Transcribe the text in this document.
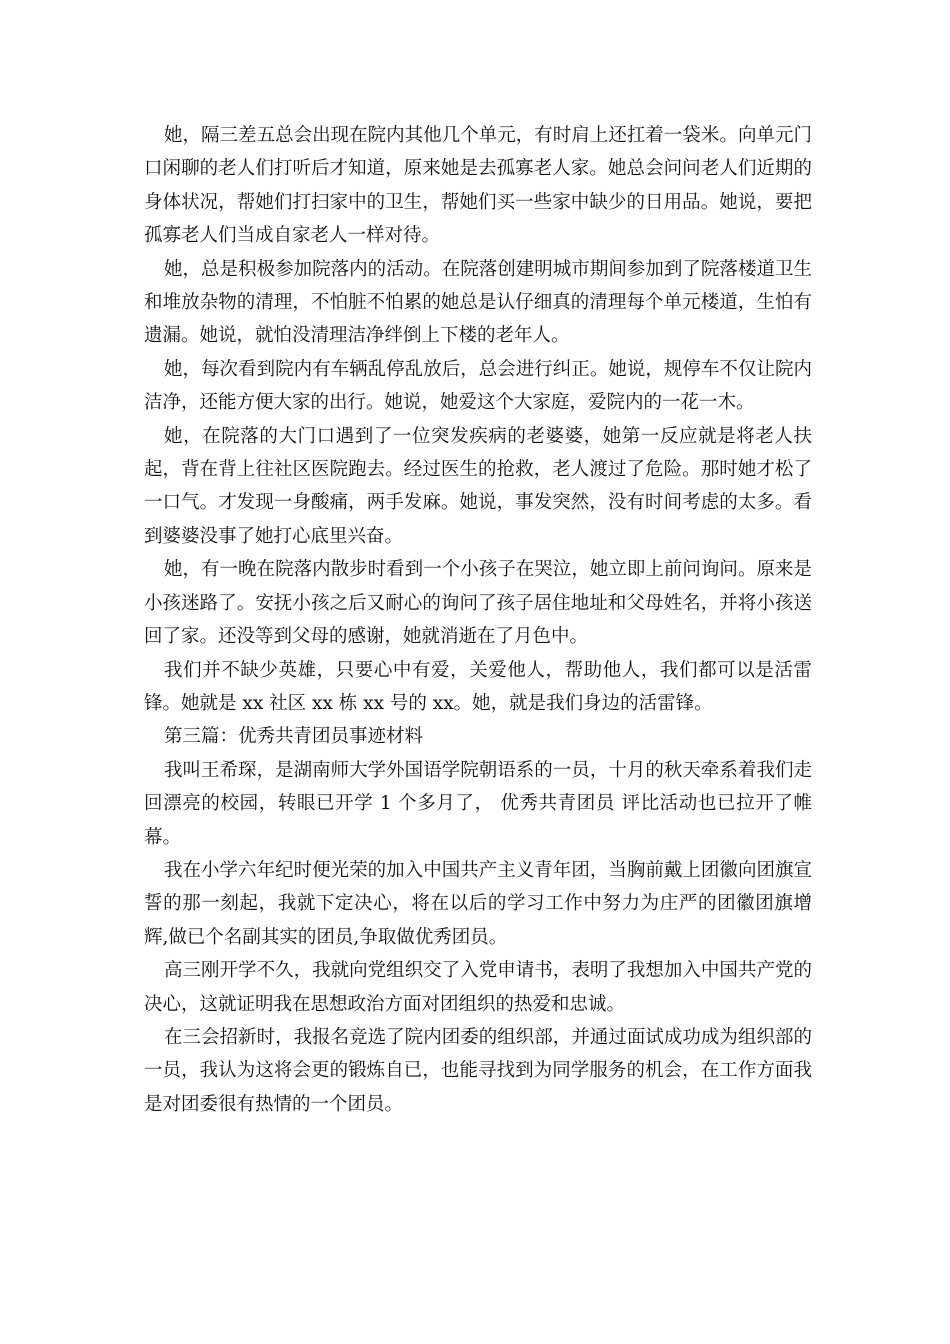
她，隔三差五总会出现在院内其他几个单元，有时肩上还扛着一袋米。向单元门口闲聊的老人们打听后才知道，原来她是去孤寡老人家。她总会问问老人们近期的身体状况，帮她们打扫家中的卫生，帮她们买一些家中缺少的日用品。她说，要把孤寡老人们当成自家老人一样对待。

她，总是积极参加院落内的活动。在院落创建明城市期间参加到了院落楼道卫生和堆放杂物的清理，不怕脏不怕累的她总是认仔细真的清理每个单元楼道，生怕有遗漏。她说，就怕没清理洁净绊倒上下楼的老年人。

她，每次看到院内有车辆乱停乱放后，总会进行纠正。她说，规停车不仅让院内洁净，还能方便大家的出行。她说，她爱这个大家庭，爱院内的一花一木。

她，在院落的大门口遇到了一位突发疾病的老婆婆，她第一反应就是将老人扶起，背在背上往社区医院跑去。经过医生的抢救，老人渡过了危险。那时她才松了一口气。才发现一身酸痛，两手发麻。她说，事发突然，没有时间考虑的太多。看到婆婆没事了她打心底里兴奋。

她，有一晚在院落内散步时看到一个小孩子在哭泣，她立即上前问询问。原来是小孩迷路了。安抚小孩之后又耐心的询问了孩子居住地址和父母姓名，并将小孩送回了家。还没等到父母的感谢，她就消逝在了月色中。

我们并不缺少英雄，只要心中有爱，关爱他人，帮助他人，我们都可以是活雷锋。她就是 xx 社区 xx 栋 xx 号的 xx。她，就是我们身边的活雷锋。

第三篇：优秀共青团员事迹材料

我叫王希琛，是湖南师大学外国语学院朝语系的一员，十月的秋天牵系着我们走回漂亮的校园，转眼已开学 1 个多月了， 优秀共青团员 评比活动也已拉开了帷幕。

我在小学六年纪时便光荣的加入中国共产主义青年团，当胸前戴上团徽向团旗宣誓的那一刻起，我就下定决心，将在以后的学习工作中努力为庄严的团徽团旗增辉,做已个名副其实的团员,争取做优秀团员。

高三刚开学不久，我就向党组织交了入党申请书，表明了我想加入中国共产党的决心，这就证明我在思想政治方面对团组织的热爱和忠诚。

在三会招新时，我报名竞选了院内团委的组织部，并通过面试成功成为组织部的一员，我认为这将会更的锻炼自已，也能寻找到为同学服务的机会，在工作方面我是对团委很有热情的一个团员。
